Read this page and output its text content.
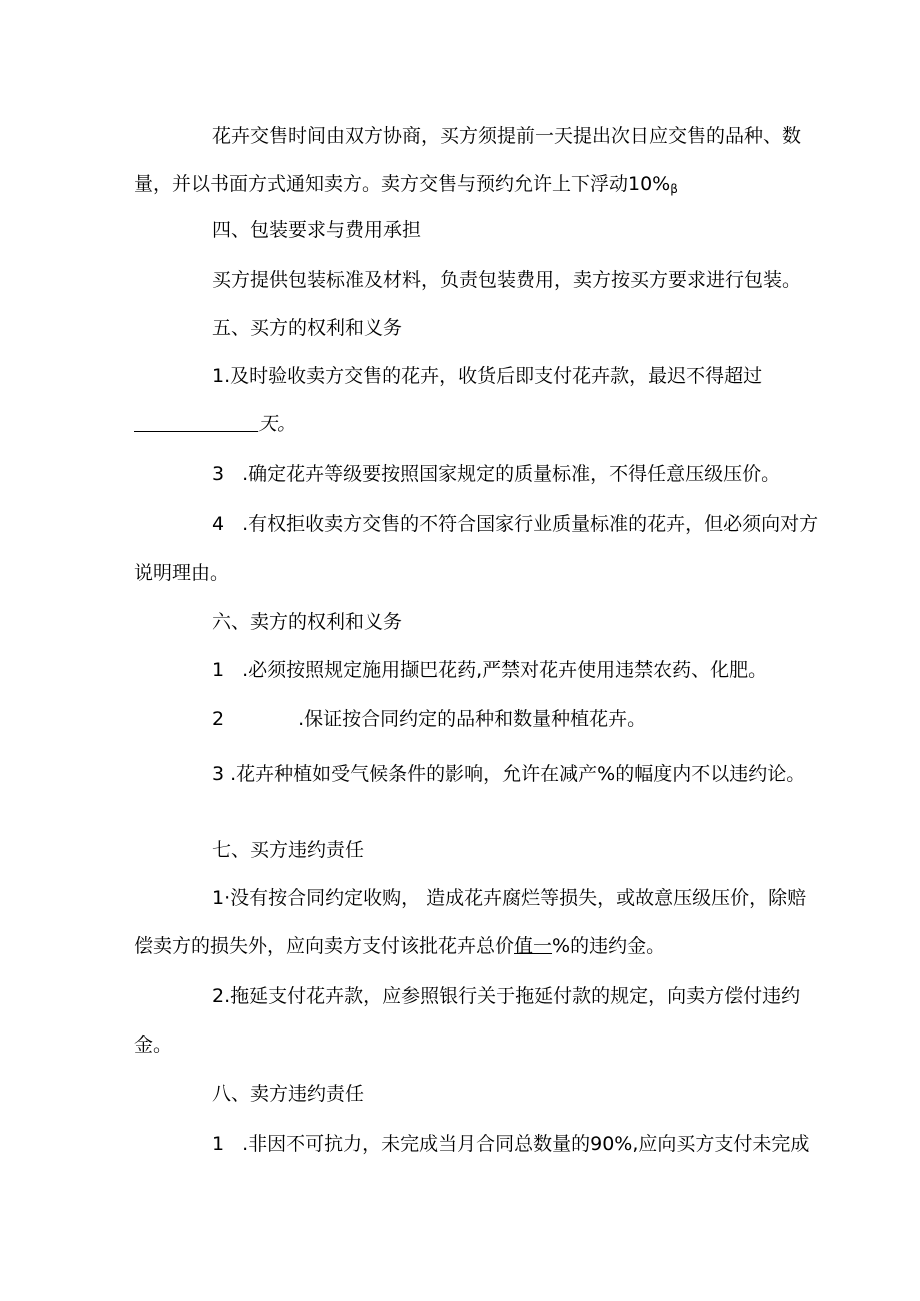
花卉交售时间由双方协商，买方须提前一天提出次日应交售的品种、数
量，并以书面方式通知卖方。卖方交售与预约允许上下浮动$10\%_\beta$
四、包装要求与费用承担
买方提供包装标准及材料，负责包装费用，卖方按买方要求进行包装。
五、买方的权利和义务
1.及时验收卖方交售的花卉，收货后即支付花卉款，最迟不得超过
天。
3 .确定花卉等级要按照国家规定的质量标准，不得任意压级压价。
4 .有权拒收卖方交售的不符合国家行业质量标准的花卉，但必须向对方
说明理由。
六、卖方的权利和义务
1 .必须按照规定施用撷巴花药,严禁对花卉使用违禁农药、化肥。
2	.保证按合同约定的品种和数量种植花卉。
3 .花卉种植如受气候条件的影响，允许在减产%的幅度内不以违约论。
七、买方违约责任
1·没有按合同约定收购， 造成花卉腐烂等损失，或故意压级压价，除赔
偿卖方的损失外，应向卖方支付该批花卉总价值一%的违约金。
2.拖延支付花卉款，应参照银行关于拖延付款的规定，向卖方偿付违约
金。
八、卖方违约责任
1 .非因不可抗力，未完成当月合同总数量的90%,应向买方支付未完成
